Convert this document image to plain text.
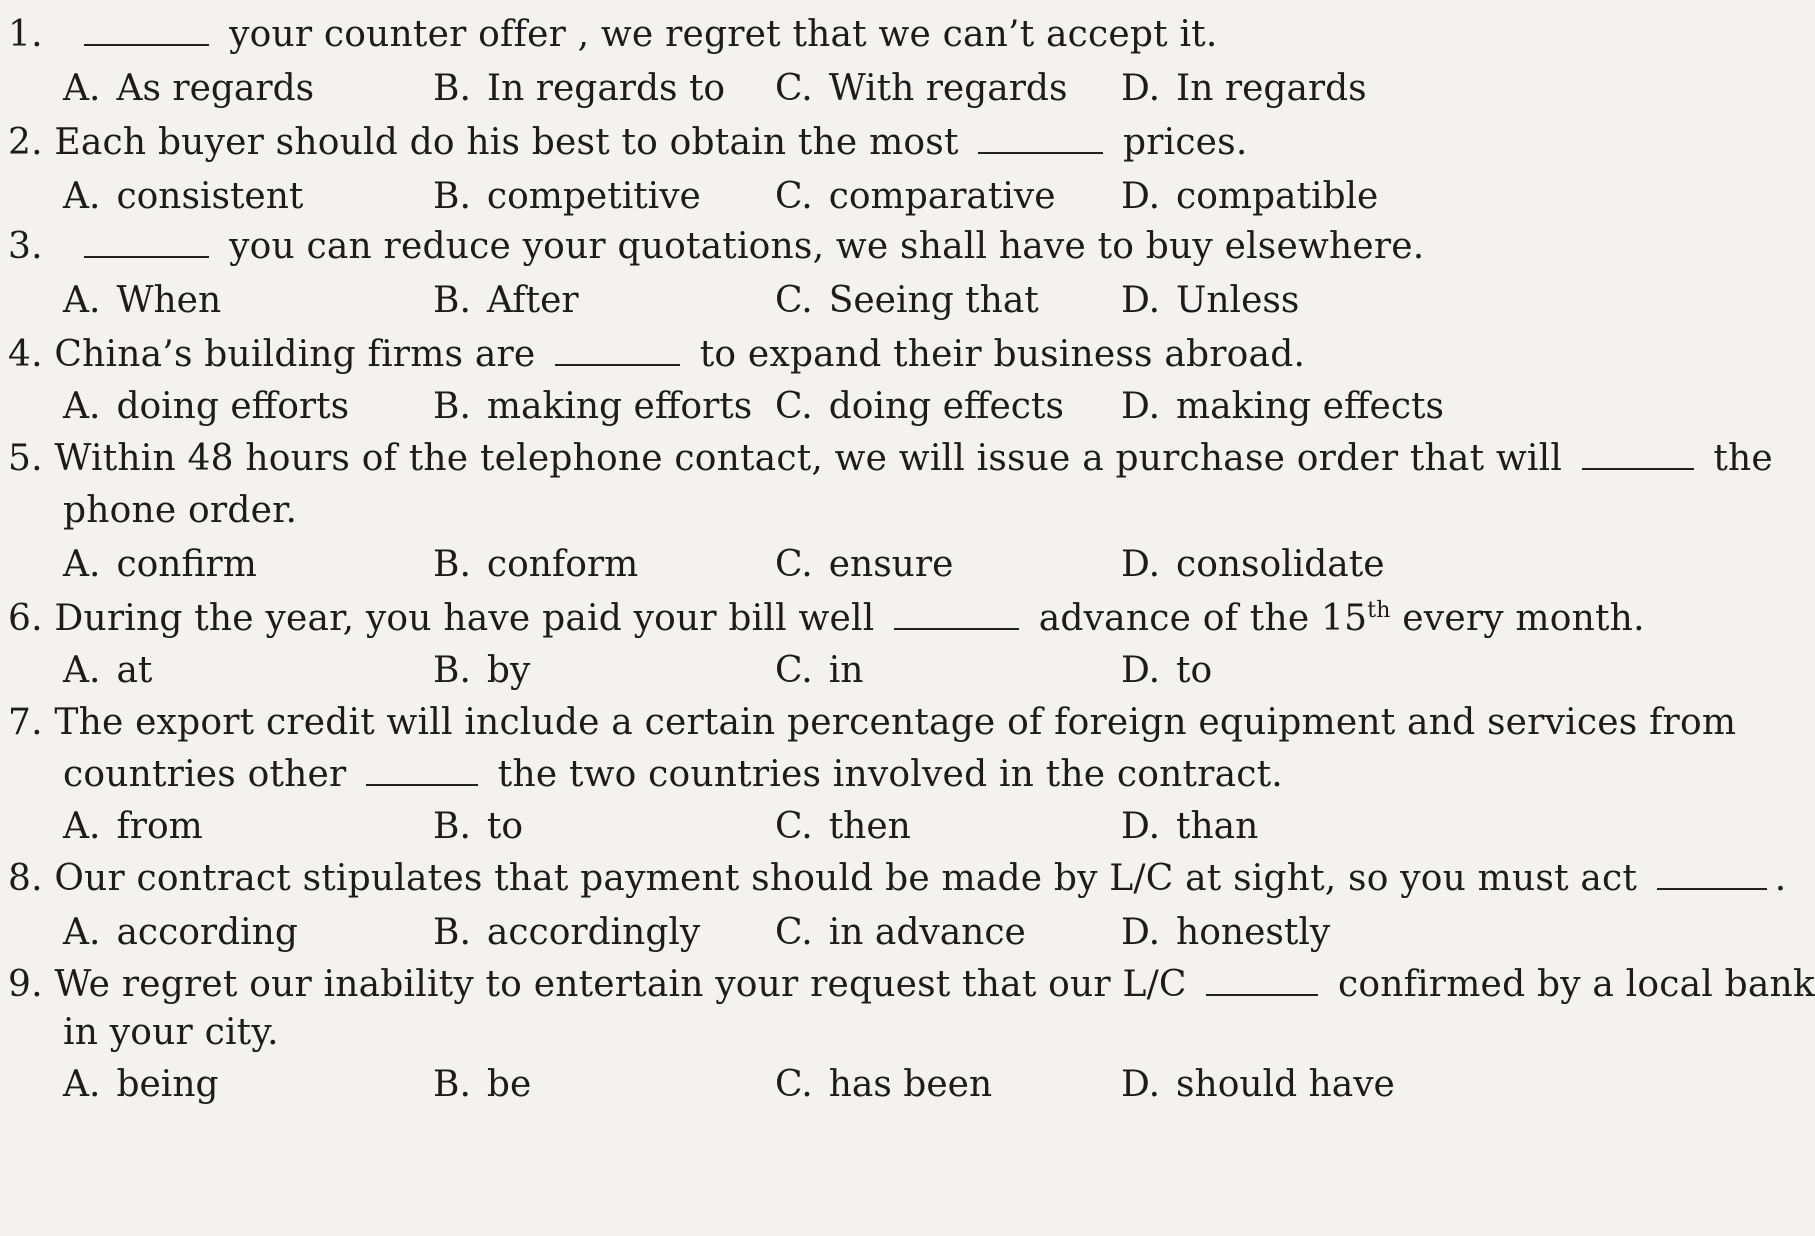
1.	your counter offer , we regret that we can’t accept it.
A. As regards	B. In regards to C. With regards D. In regards
2. Each buyer should do his best to obtain the most	prices.
A. consistent	B. competitive C. comparative D. compatible
3.	you can reduce your quotations, we shall have to buy elsewhere.
A. When	B. After	C. Seeing that D. Unless
4. China’s building firms are	to expand their business abroad.
A. doing efforts B. making efforts C. doing effects D. making effects
5. Within 48 hours of the telephone contact, we will issue a purchase order that will	the
phone order.
A. confirm	B. conform	C. ensure	D. consolidate
6. During the year, you have paid your bill well	advance of the 15th every month.
A. at	B. by	C. in	D. to
7. The export credit will include a certain percentage of foreign equipment and services from
countries other	the two countries involved in the contract.
A. from	B. to	C. then	D. than
8. Our contract stipulates that payment should be made by L/C at sight, so you must act	.
A. according	B. accordingly C. in advance	D. honestly
9. We regret our inability to entertain your request that our L/C	confirmed by a local bank
in your city.
A. being	B. be	C. has been	D. should have
